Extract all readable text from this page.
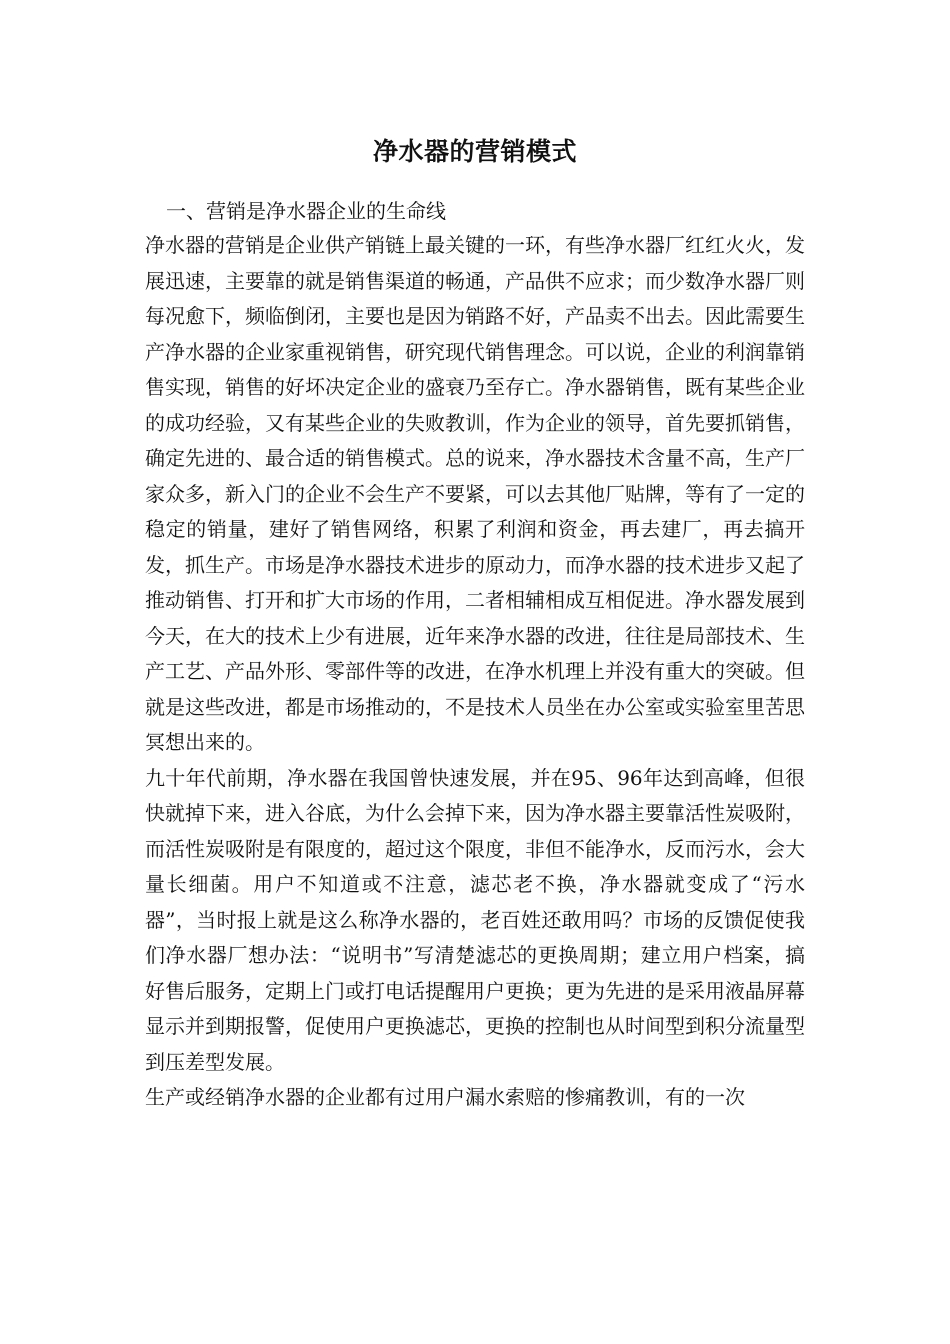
净水器的营销模式

一、营销是净水器企业的生命线

净水器的营销是企业供产销链上最关键的一环，有些净水器厂红红火火，发展迅速，主要靠的就是销售渠道的畅通，产品供不应求；而少数净水器厂则每况愈下，频临倒闭，主要也是因为销路不好，产品卖不出去。因此需要生产净水器的企业家重视销售，研究现代销售理念。可以说，企业的利润靠销售实现，销售的好坏决定企业的盛衰乃至存亡。净水器销售，既有某些企业的成功经验，又有某些企业的失败教训，作为企业的领导，首先要抓销售，确定先进的、最合适的销售模式。总的说来，净水器技术含量不高，生产厂家众多，新入门的企业不会生产不要紧，可以去其他厂贴牌，等有了一定的稳定的销量，建好了销售网络，积累了利润和资金，再去建厂，再去搞开发，抓生产。市场是净水器技术进步的原动力，而净水器的技术进步又起了推动销售、打开和扩大市场的作用，二者相辅相成互相促进。净水器发展到今天，在大的技术上少有进展，近年来净水器的改进，往往是局部技术、生产工艺、产品外形、零部件等的改进，在净水机理上并没有重大的突破。但就是这些改进，都是市场推动的，不是技术人员坐在办公室或实验室里苦思冥想出来的。

九十年代前期，净水器在我国曾快速发展，并在95、96年达到高峰，但很快就掉下来，进入谷底，为什么会掉下来，因为净水器主要靠活性炭吸附，而活性炭吸附是有限度的，超过这个限度，非但不能净水，反而污水，会大量长细菌。用户不知道或不注意，滤芯老不换，净水器就变成了“污水器”，当时报上就是这么称净水器的，老百姓还敢用吗？市场的反馈促使我们净水器厂想办法：“说明书”写清楚滤芯的更换周期；建立用户档案，搞好售后服务，定期上门或打电话提醒用户更换；更为先进的是采用液晶屏幕显示并到期报警，促使用户更换滤芯，更换的控制也从时间型到积分流量型到压差型发展。

生产或经销净水器的企业都有过用户漏水索赔的惨痛教训，有的一次
